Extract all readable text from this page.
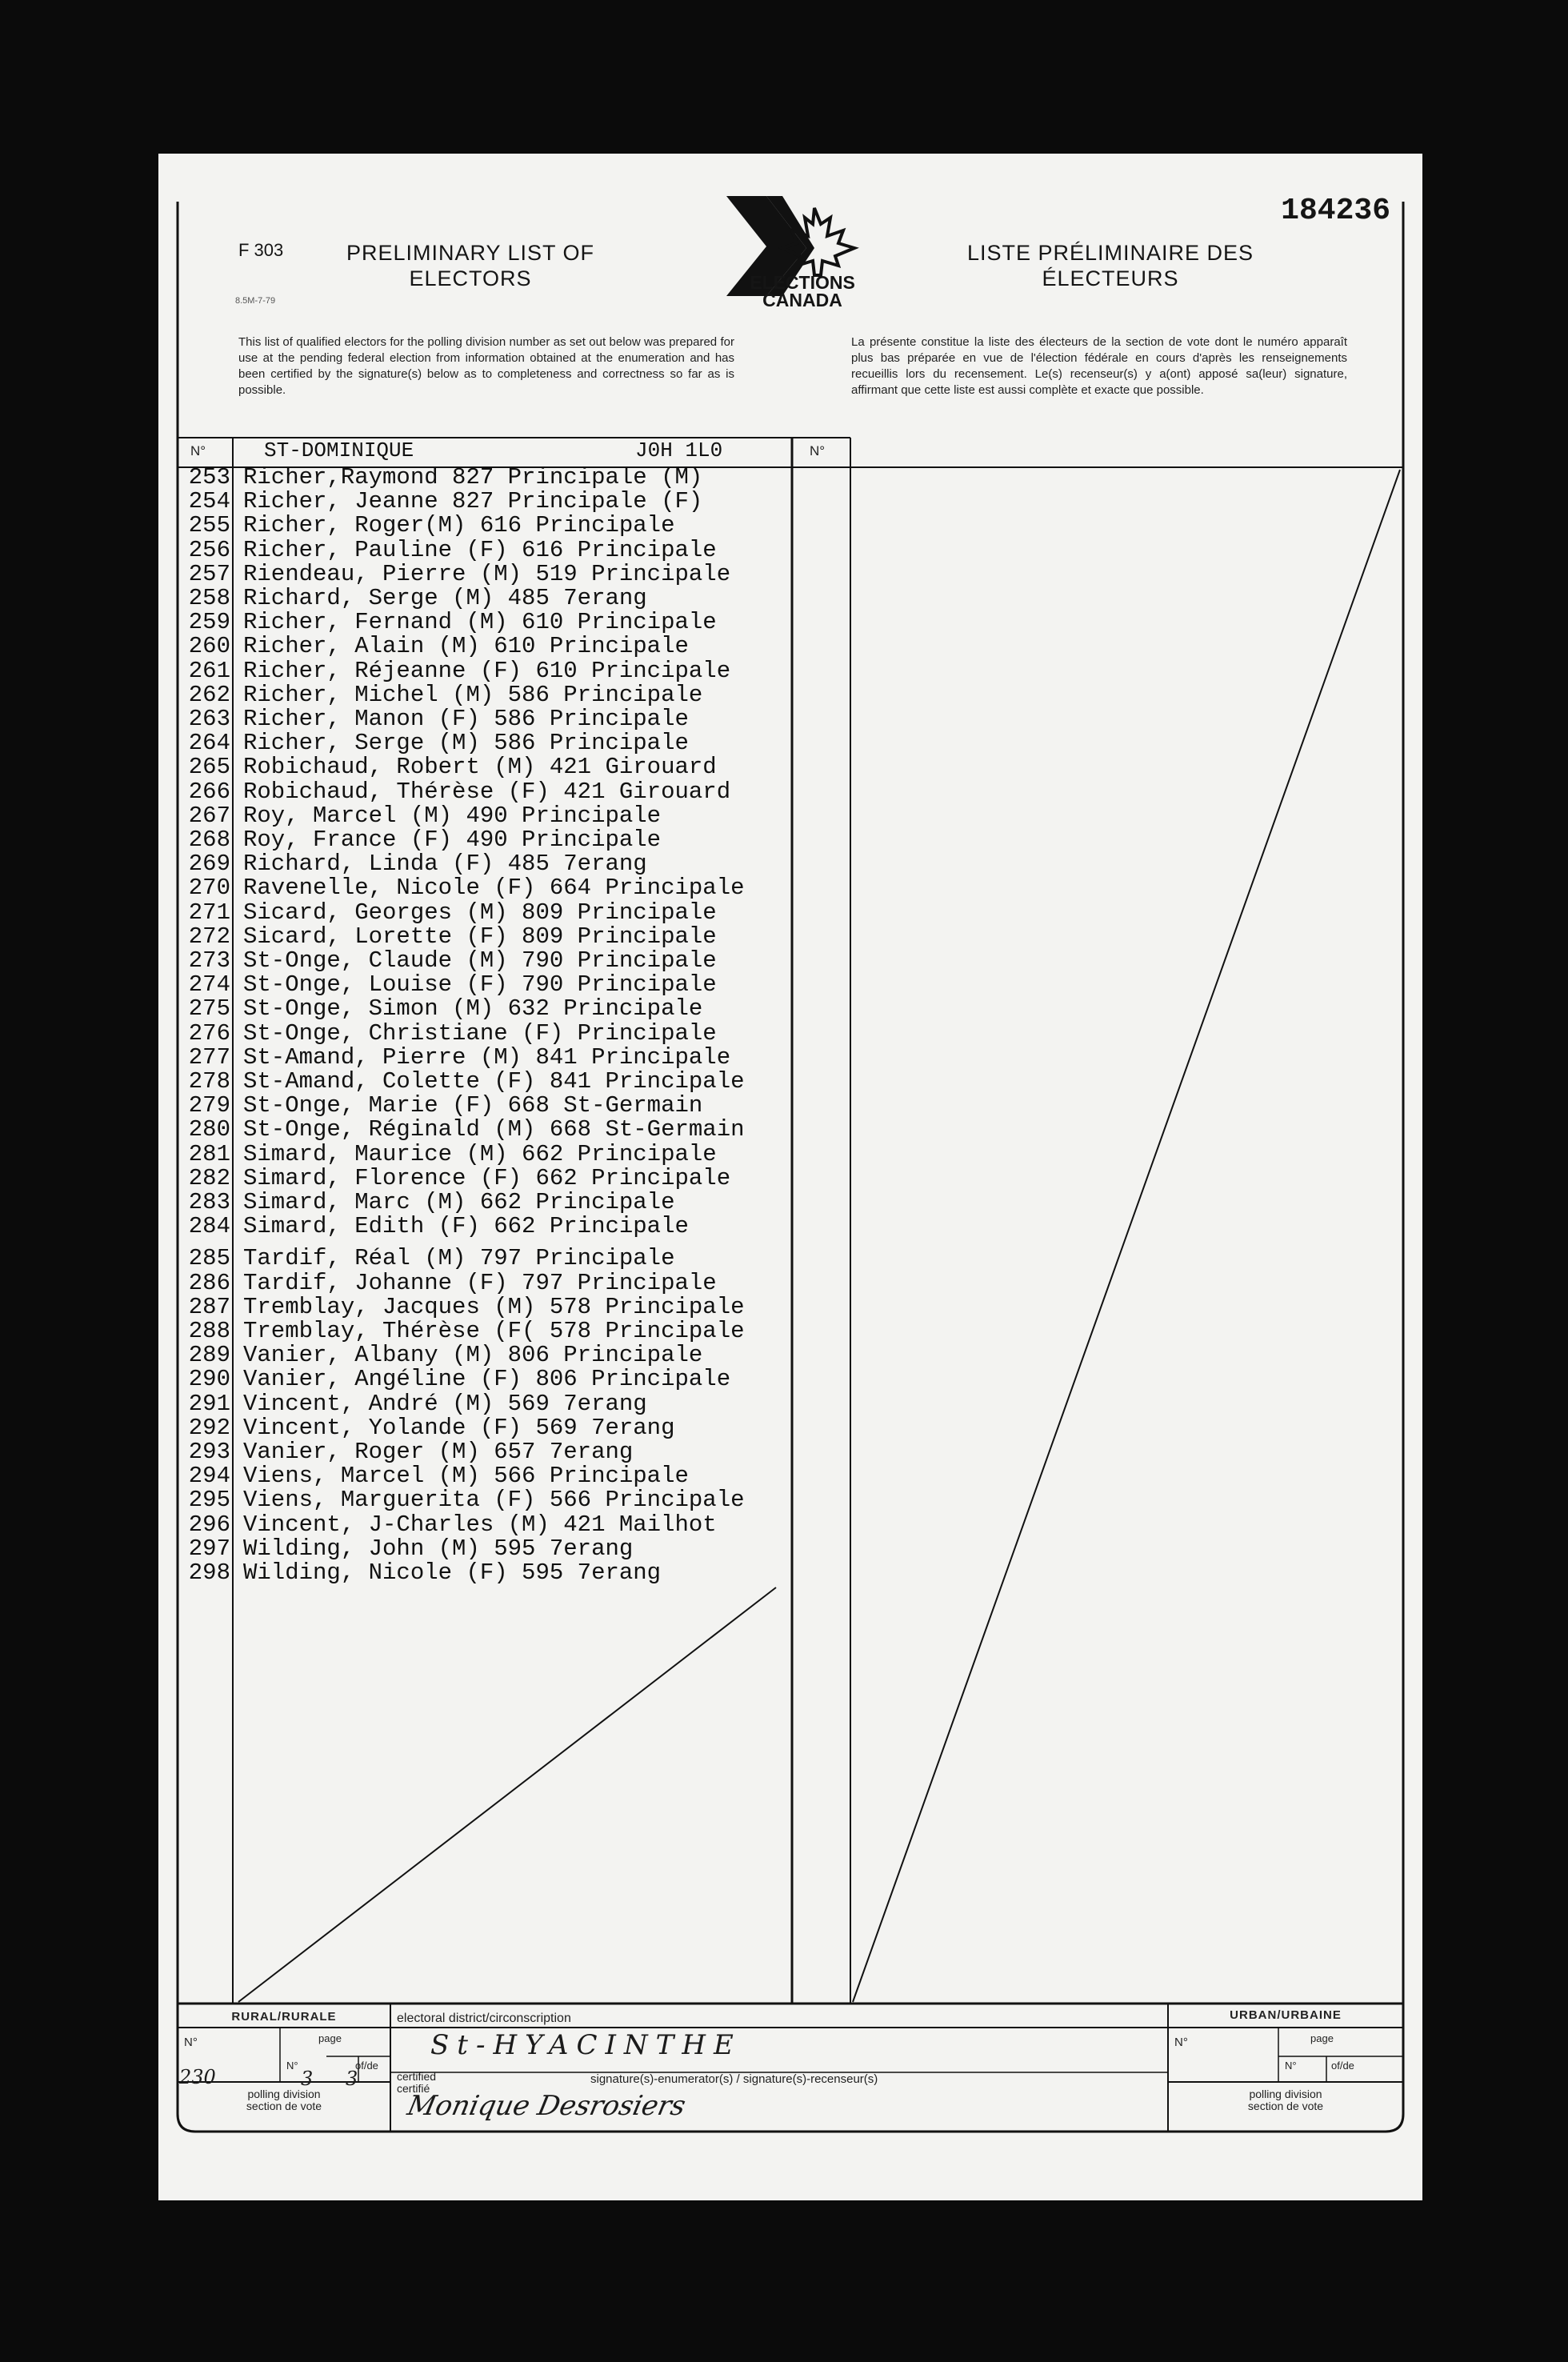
F 303
8.5M-7-79
PRELIMINARY LIST OF
ELECTORS	ELECTIONS
CANADA
184236
LISTE PRÉLIMINAIRE DES
ÉLECTEURS
This list of qualified electors for the polling division number as set out below was prepared for use at the pending federal election from information obtained at the enumeration and has been certified by the signature(s) below as to completeness and correctness so far as is possible.
La présente constitue la liste des électeurs de la section de vote dont le numéro apparaît plus bas préparée en vue de l'élection fédérale en cours d'après les renseignements recueillis lors du recensement. Le(s) recenseur(s) y a(ont) apposé sa(leur) signature, affirmant que cette liste est aussi complète et exacte que possible.
N°	ST-DOMINIQUE	J0H 1L0	N°
253 Richer,Raymond 827 Principale (M)
254 Richer, Jeanne 827 Principale (F)
255 Richer, Roger(M) 616 Principale
256 Richer, Pauline (F) 616 Principale
257 Riendeau, Pierre (M) 519 Principale
258 Richard, Serge (M) 485 7erang
259 Richer, Fernand (M) 610 Principale
260 Richer, Alain (M) 610 Principale
261 Richer, Réjeanne (F) 610 Principale
262 Richer, Michel (M) 586 Principale
263 Richer, Manon (F) 586 Principale
264 Richer, Serge (M) 586 Principale
265 Robichaud, Robert (M) 421 Girouard
266 Robichaud, Thérèse (F) 421 Girouard
267 Roy, Marcel (M) 490 Principale
268 Roy, France (F) 490 Principale
269 Richard, Linda (F) 485 7erang
270 Ravenelle, Nicole (F) 664 Principale
271 Sicard, Georges (M) 809 Principale
272 Sicard, Lorette (F) 809 Principale
273 St-Onge, Claude (M) 790 Principale
274 St-Onge, Louise (F) 790 Principale
275 St-Onge, Simon (M) 632 Principale
276 St-Onge, Christiane (F) Principale
277 St-Amand, Pierre (M) 841 Principale
278 St-Amand, Colette (F) 841 Principale
279 St-Onge, Marie (F) 668 St-Germain
280 St-Onge, Réginald (M) 668 St-Germain
281 Simard, Maurice (M) 662 Principale
282 Simard, Florence (F) 662 Principale
283 Simard, Marc (M) 662 Principale
284 Simard, Edith (F) 662 Principale
285 Tardif, Réal (M) 797 Principale
286 Tardif, Johanne (F) 797 Principale
287 Tremblay, Jacques (M) 578 Principale
288 Tremblay, Thérèse (F( 578 Principale
289 Vanier, Albany (M) 806 Principale
290 Vanier, Angéline (F) 806 Principale
291 Vincent, André (M) 569 7erang
292 Vincent, Yolande (F) 569 7erang
293 Vanier, Roger (M) 657 7erang
294 Viens, Marcel (M) 566 Principale
295 Viens, Marguerita (F) 566 Principale
296 Vincent, J-Charles (M) 421 Mailhot
297 Wilding, John (M) 595 7erang
298 Wilding, Nicole (F) 595 7erang
RURAL/RURALE
N°	page
N°	of/de
230	3 3
polling division
section de vote
electoral district/circonscription
St-HYACINTHE
certified
certifié
signature(s)-enumerator(s) / signature(s)-recenseur(s)
Monique Desrosiers
URBAN/URBAINE
N°	page
N°	of/de
polling division
section de vote
